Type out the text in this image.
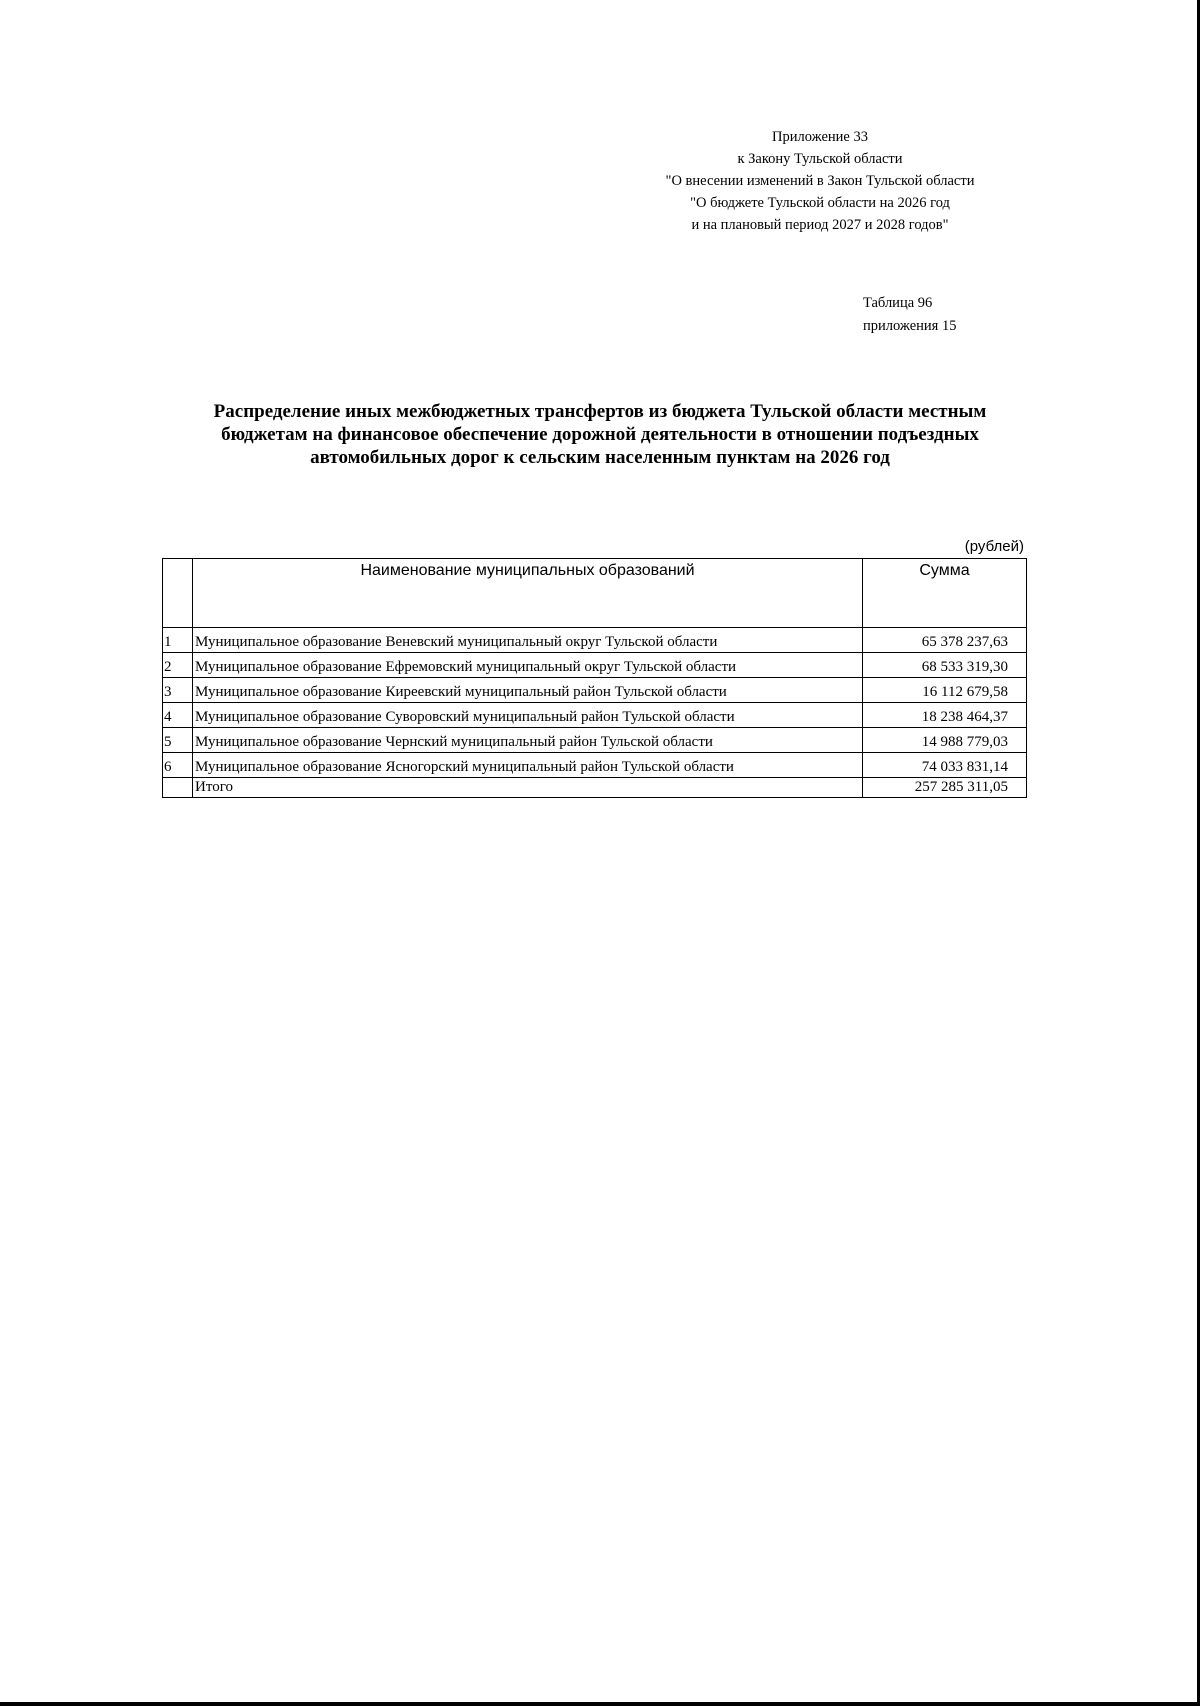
Приложение 33
к Закону Тульской области
"О внесении изменений в Закон Тульской области
"О бюджете Тульской области на 2026 год
и на плановый период 2027 и 2028 годов"
Таблица 96
приложения 15
Распределение иных межбюджетных трансфертов из бюджета Тульской области местным
бюджетам на финансовое обеспечение дорожной деятельности в отношении подъездных
автомобильных дорог к сельским населенным пунктам на 2026 год
(рублей)
	Наименование муниципальных образований	Сумма
1	Муниципальное образование Веневский муниципальный округ Тульской области	65 378 237,63
2	Муниципальное образование Ефремовский муниципальный округ Тульской области	68 533 319,30
3	Муниципальное образование Киреевский муниципальный район Тульской области	16 112 679,58
4	Муниципальное образование Суворовский муниципальный район Тульской области	18 238 464,37
5	Муниципальное образование Чернский муниципальный район Тульской области	14 988 779,03
6	Муниципальное образование Ясногорский муниципальный район Тульской области	74 033 831,14
	Итого	257 285 311,05
